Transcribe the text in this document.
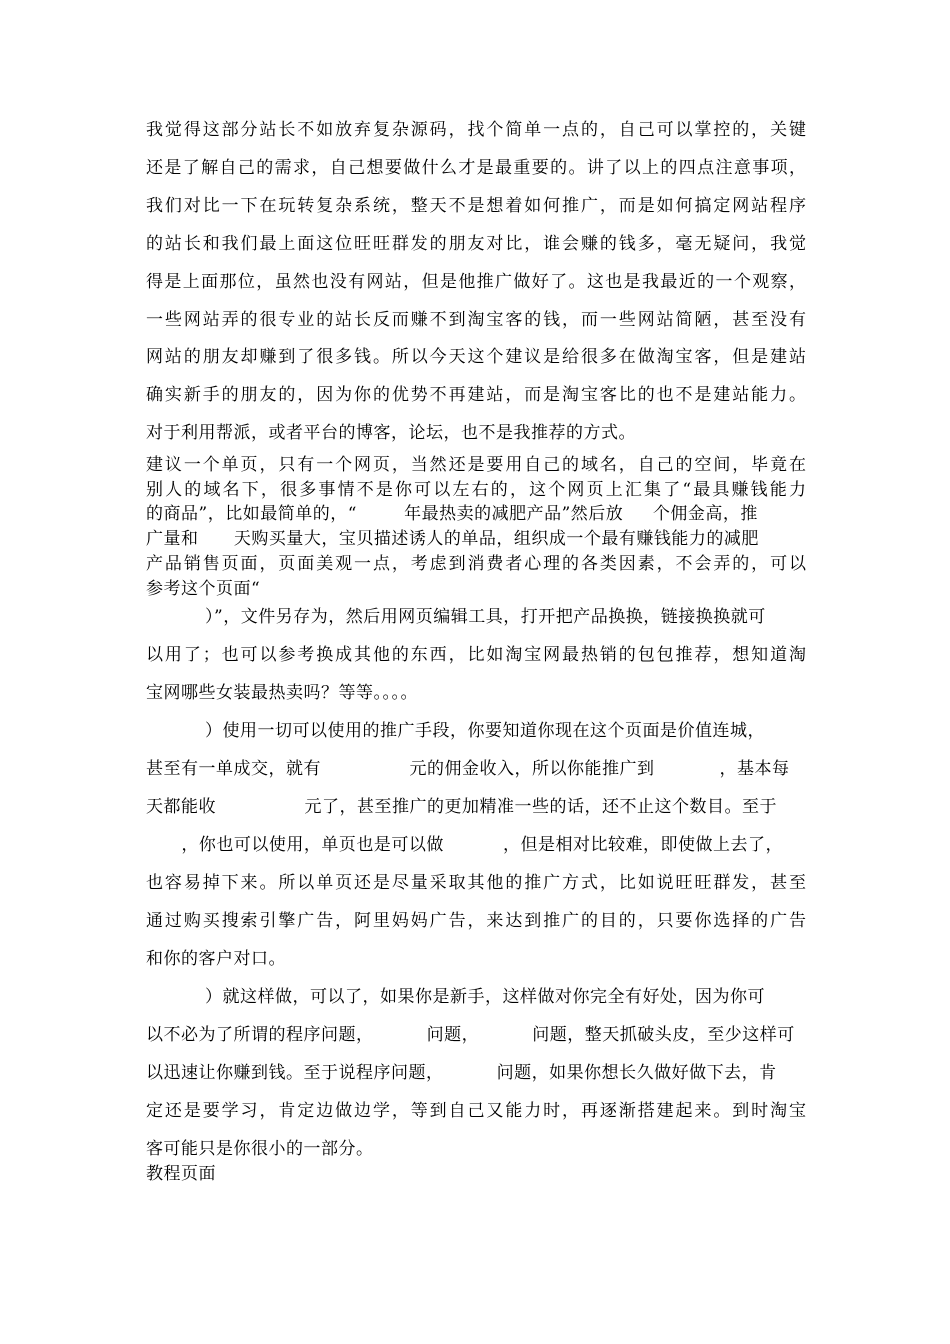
我觉得这部分站长不如放弃复杂源码，找个简单一点的，自己可以掌控的，关键
还是了解自己的需求，自己想要做什么才是最重要的。讲了以上的四点注意事项，
我们对比一下在玩转复杂系统，整天不是想着如何推广，而是如何搞定网站程序
的站长和我们最上面这位旺旺群发的朋友对比，谁会赚的钱多，毫无疑问，我觉
得是上面那位，虽然也没有网站，但是他推广做好了。这也是我最近的一个观察，
一些网站弄的很专业的站长反而赚不到淘宝客的钱，而一些网站简陋，甚至没有
网站的朋友却赚到了很多钱。所以今天这个建议是给很多在做淘宝客，但是建站
确实新手的朋友的，因为你的优势不再建站，而是淘宝客比的也不是建站能力。
对于利用帮派，或者平台的博客，论坛，也不是我推荐的方式。
建议一个单页，只有一个网页，当然还是要用自己的域名，自己的空间，毕竟在
别人的域名下，很多事情不是你可以左右的，这个网页上汇集了“最具赚钱能力
的商品”，比如最简单的，“        年最热卖的减肥产品”然后放     个佣金高，推
广量和      天购买量大，宝贝描述诱人的单品，组织成一个最有赚钱能力的减肥
产品销售页面，页面美观一点，考虑到消费者心理的各类因素，不会弄的，可以
参考这个页面“
）”，文件另存为，然后用网页编辑工具，打开把产品换换，链接换换就可
以用了；也可以参考换成其他的东西，比如淘宝网最热销的包包推荐，想知道淘
宝网哪些女装最热卖吗？等等。。。。
）使用一切可以使用的推广手段，你要知道你现在这个页面是价值连城，
甚至有一单成交，就有               元的佣金收入，所以你能推广到           ，基本每
天都能收               元了，甚至推广的更加精准一些的话，还不止这个数目。至于
，你也可以使用，单页也是可以做          ，但是相对比较难，即使做上去了，
也容易掉下来。所以单页还是尽量采取其他的推广方式，比如说旺旺群发，甚至
通过购买搜索引擎广告，阿里妈妈广告，来达到推广的目的，只要你选择的广告
和你的客户对口。
）就这样做，可以了，如果你是新手，这样做对你完全有好处，因为你可
以不必为了所谓的程序问题，         问题，         问题，整天抓破头皮，至少这样可
以迅速让你赚到钱。至于说程序问题，         问题，如果你想长久做好做下去，肯
定还是要学习，肯定边做边学，等到自己又能力时，再逐渐搭建起来。到时淘宝
客可能只是你很小的一部分。
教程页面
